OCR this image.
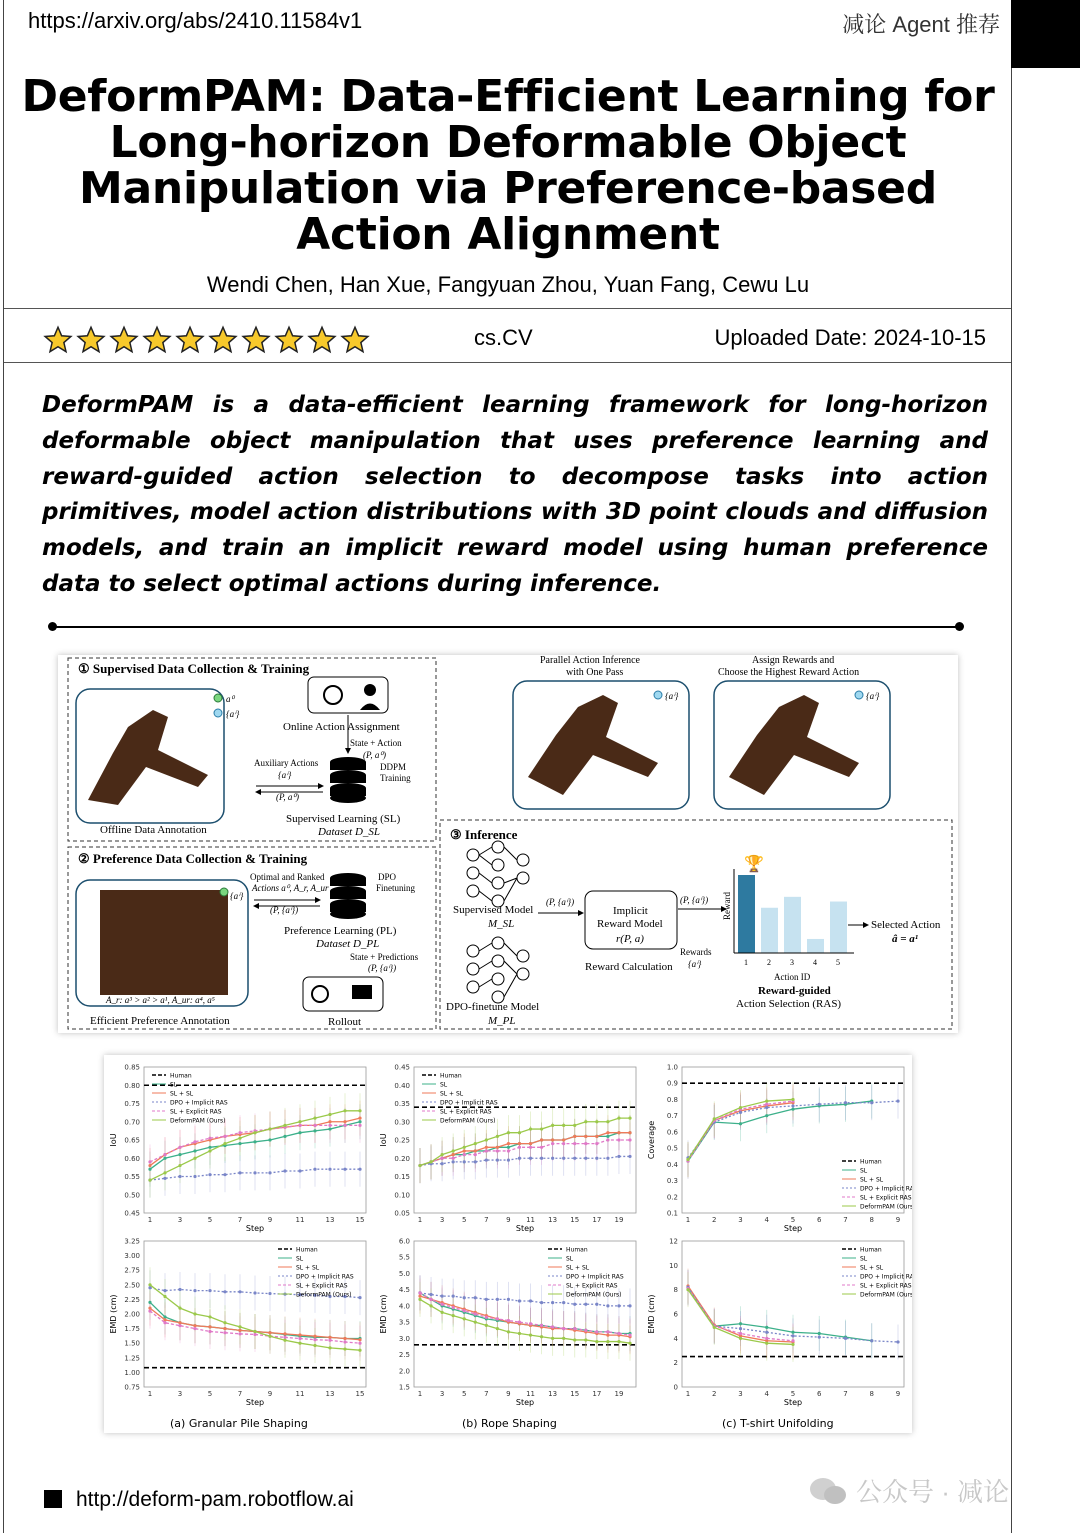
https://arxiv.org/abs/2410.11584v1	减论 Agent 推荐
DeformPAM: Data-Efficient Learning for Long-horizon Deformable Object Manipulation via Preference-based Action Alignment
Wendi Chen, Han Xue, Fangyuan Zhou, Yuan Fang, Cewu Lu
cs.CV	Uploaded Date: 2024-10-15
DeformPAM is a data-efficient learning framework for long-horizon deformable object manipulation that uses preference learning and reward-guided action selection to decompose tasks into action primitives, model action distributions with 3D point clouds and diffusion models, and train an implicit reward model using human preference data to select optimal actions during inference.
① Supervised Data Collection & Training
② Preference Data Collection & Training
③ Inference
a⁰
{aⁱ}
Offline Data Annotation
Online Action Assignment
State + Action
(P, a⁰)
DDPM
Training
Auxiliary Actions
{aⁱ}
(P, a⁰)
Supervised Learning (SL)
Dataset D_SL
{aⁱ}
A_r: a³ > a² > a¹, A_ur: a⁴, a⁵
Efficient Preference Annotation
Optimal and Ranked
Actions a⁰, A_r, A_ur
(P, {aⁱ})
DPO
Finetuning
Preference Learning (PL)
Dataset D_PL
State + Predictions
(P, {aⁱ})
Rollout
Parallel Action Inference
with One Pass
{aⁱ}
Assign Rewards and
Choose the Highest Reward Action
{aⁱ}
Supervised Model
M_SL
DPO-finetune Model
M_PL
(P, {aⁱ})
Implicit
Reward Model
r(P, a)
Reward Calculation
(P, {aⁱ})
Rewards
{aⁱ}	1 2 3 4 5
Reward
Action ID
Reward-guided
Action Selection (RAS)
🏆
Selected Action
â = a¹
(a) Granular Pile Shaping	(b) Rope Shaping	(c) T-shirt Unifolding
0.45
0.50
0.55
0.60
0.65
0.70
0.75
0.80
0.85
1	3	5	7	9	11	13	15
Step
IoU
Human
SL
SL + SL
DPO + Implicit RAS
SL + Explicit RAS
DeformPAM (Ours)
0.05
0.10
0.15
0.20
0.25
0.30
0.35
0.40
0.45
1	3	5	7	9 11 13 15 17 19
Step
IoU
Human
SL
SL + SL
DPO + Implicit RAS
SL + Explicit RAS
DeformPAM (Ours)
0.1
0.2
0.3
0.4
0.5
0.6
0.7
0.8
0.9
1.0
1	2	3	4	5	6	7	8	9
Step
Coverage
Human
SL
SL + SL
DPO + Implicit RAS
SL + Explicit RAS
DeformPAM (Ours)
0.75
1.00
1.25
1.50
1.75
2.00
2.25
2.50
2.75
3.00
3.25
1	3	5	7	9	11	13	15
Step
EMD (cm)
Human
SL
SL + SL
DPO + Implicit RAS
SL + Explicit RAS
DeformPAM (Ours)
1.5
2.0
2.5
3.0
3.5
4.0
4.5
5.0
5.5
6.0
1	3	5	7	9 11 13 15 17 19
Step
EMD (cm)
Human
SL
SL + SL
DPO + Implicit RAS
SL + Explicit RAS
DeformPAM (Ours)
0
2
4
6
8
10
12
1	2	3	4	5	6	7	8	9
Step
EMD (cm)
Human
SL
SL + SL
DPO + Implicit RAS
SL + Explicit RAS
DeformPAM (Ours)
http://deform-pam.robotflow.ai	公众号 · 减论
